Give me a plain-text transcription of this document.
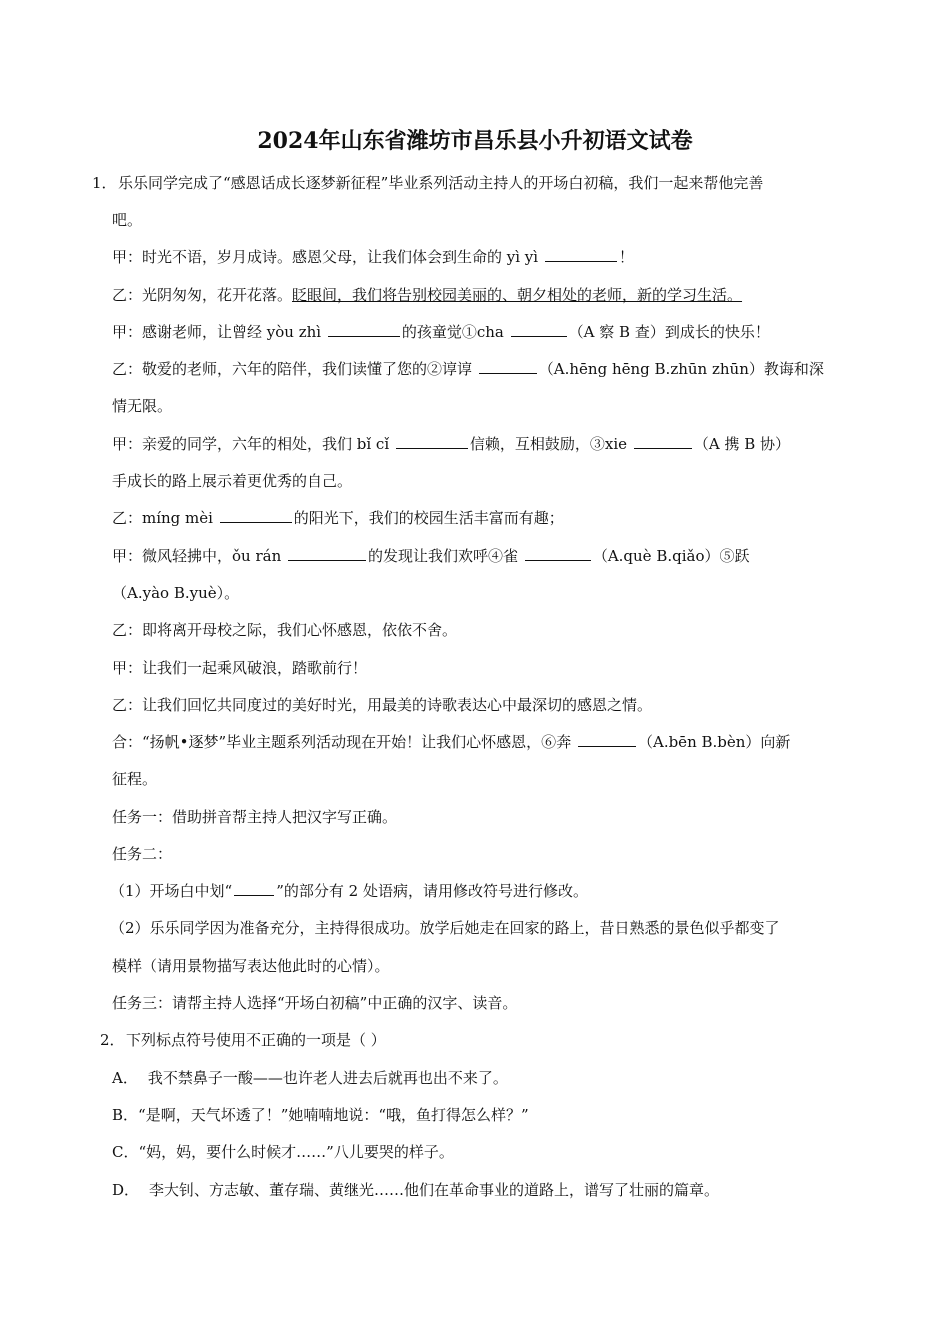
2024年山东省潍坊市昌乐县小升初语文试卷
1． 乐乐同学完成了“感恩话成长逐梦新征程”毕业系列活动主持人的开场白初稿，我们一起来帮他完善
吧。
甲：时光不语，岁月成诗。感恩父母，让我们体会到生命的 yì yì	！
乙：光阴匆匆，花开花落。眨眼间，我们将告别校园美丽的、朝夕相处的老师，新的学习生活。
甲：感谢老师，让曾经 yòu zhì	的孩童觉①cha	（A 察 B 查）到成长的快乐！
乙：敬爱的老师，六年的陪伴，我们读懂了您的②谆谆	（A.hēng hēng B.zhūn zhūn）教诲和深
情无限。
甲：亲爱的同学，六年的相处，我们 bǐ cǐ	信赖，互相鼓励，③xie	（A 携 B 协）
手成长的路上展示着更优秀的自己。
乙：míng mèi	的阳光下，我们的校园生活丰富而有趣；
甲：微风轻拂中，ǒu rán	的发现让我们欢呼④雀	（A.què B.qiǎo）⑤跃
（A.yào B.yuè）。
乙：即将离开母校之际，我们心怀感恩，依依不舍。
甲：让我们一起乘风破浪，踏歌前行！
乙：让我们回忆共同度过的美好时光，用最美的诗歌表达心中最深切的感恩之情。
合：“扬帆•逐梦”毕业主题系列活动现在开始！让我们心怀感恩，⑥奔	（A.bēn B.bèn）向新
征程。
任务一：借助拼音帮主持人把汉字写正确。
任务二：
（1）开场白中划“	”的部分有 2 处语病，请用修改符号进行修改。
（2）乐乐同学因为准备充分，主持得很成功。放学后她走在回家的路上，昔日熟悉的景色似乎都变了
模样（请用景物描写表达他此时的心情）。
任务三：请帮主持人选择“开场白初稿”中正确的汉字、读音。
2． 下列标点符号使用不正确的一项是（ ）
A． 我不禁鼻子一酸——也许老人进去后就再也出不来了。
B．“是啊，天气坏透了！”她喃喃地说：“哦，鱼打得怎么样？”
C．“妈，妈，要什么时候才……”八儿要哭的样子。
D． 李大钊、方志敏、董存瑞、黄继光……他们在革命事业的道路上，谱写了壮丽的篇章。
